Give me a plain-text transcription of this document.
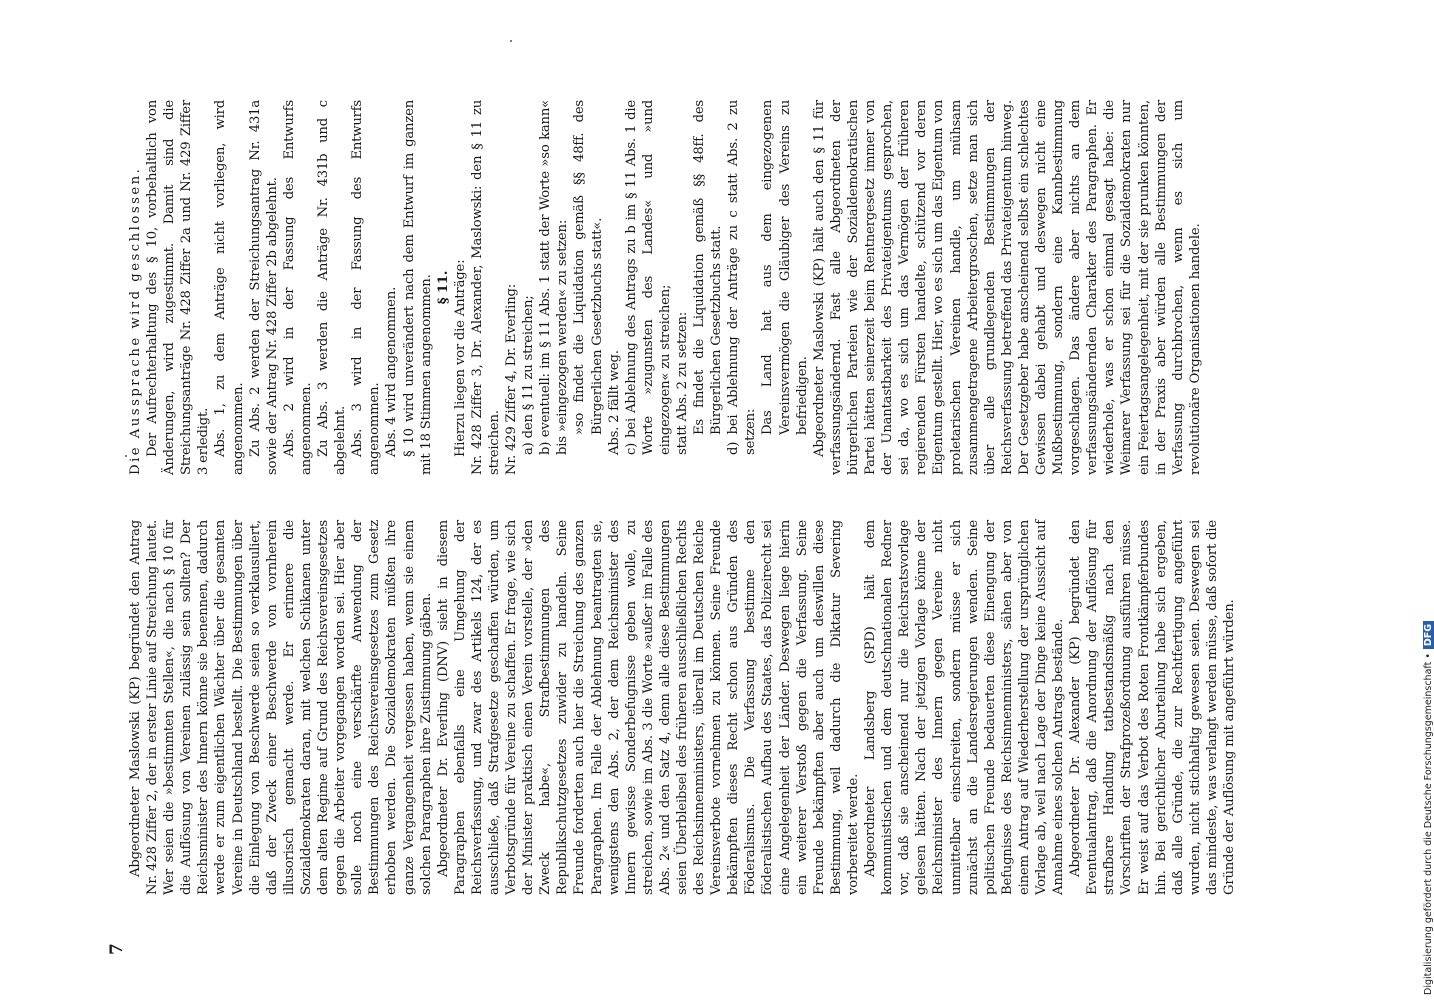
7

Abgeordneter Maslowski (KP) begründet den Antrag Nr. 428 Ziffer 2, der in erster Linie auf Streichung lautet. Wer seien die »bestimmten Stellen«, die nach § 10 für die Auflösung von Vereinen zulässig sein sollten? Der Reichsminister des Innern könne sie benennen, dadurch werde er zum eigentlichen Wächter über die gesamten Vereine in Deutschland bestellt. Die Bestimmungen über die Einlegung von Beschwerde seien so verklausuliert, daß der Zweck einer Beschwerde von vornherein illusorisch gemacht werde. Er erinnere die Sozialdemokraten daran, mit welchen Schikanen unter dem alten Regime auf Grund des Reichsvereinsgesetzes gegen die Arbeiter vorgegangen worden sei. Hier aber solle noch eine verschärfte Anwendung der Bestimmungen des Reichsvereinsgesetzes zum Gesetz erhoben werden. Die Sozialdemokraten müßten ihre ganze Vergangenheit vergessen haben, wenn sie einem solchen Paragraphen ihre Zustimmung gäben. Abgeordneter Dr. Everling (DNV) sieht in diesem Paragraphen ebenfalls eine Umgehung der Reichsverfassung, und zwar des Artikels 124, der es ausschließe, daß Strafgesetze geschaffen würden, um Verbotsgründe für Vereine zu schaffen. Er frage, wie sich der Minister praktisch einen Verein vorstelle, der »den Zweck habe«, Strafbestimmungen des Republikschutzgesetzes zuwider zu handeln. Seine Freunde forderten auch hier die Streichung des ganzen Paragraphen. Im Falle der Ablehnung beantragten sie, wenigstens den Abs. 2, der dem Reichsminister des Innern gewisse Sonderbefugnisse geben wolle, zu streichen, sowie im Abs. 3 die Worte »außer im Falle des Abs. 2« und den Satz 4, denn alle diese Bestimmungen seien Überbleibsel des früheren ausschließlichen Rechts des Reichsinnenministers, überall im Deutschen Reiche Vereinsverbote vornehmen zu können. Seine Freunde bekämpften dieses Recht schon aus Gründen des Föderalismus. Die Verfassung bestimme den föderalistischen Aufbau des Staates, das Polizeirecht sei eine Angelegenheit der Länder. Deswegen liege hierin ein weiterer Verstoß gegen die Verfassung. Seine Freunde bekämpften aber auch um deswillen diese Bestimmung, weil dadurch die Diktatur Severing vorbereitet werde. Abgeordneter Landsberg (SPD) hält dem kommunistischen und dem deutschnationalen Redner vor, daß sie anscheinend nur die Reichsratsvorlage gelesen hätten. Nach der jetzigen Vorlage könne der Reichsminister des Innern gegen Vereine nicht unmittelbar einschreiten, sondern müsse er sich zunächst an die Landesregierungen wenden. Seine politischen Freunde bedauerten diese Einengung der Befugnisse des Reichsinnenministers, sähen aber von einem Antrag auf Wiederherstellung der ursprünglichen Vorlage ab, weil nach Lage der Dinge keine Aussicht auf Annahme eines solchen Antrags bestände. Abgeordneter Dr. Alexander (KP) begründet den Eventualantrag, daß die Anordnung der Auflösung für strafbare Handlung tatbestandsmäßig nach den Vorschriften der Strafprozeßordnung ausführen müsse. Er weist auf das Verbot des Roten Frontkämpferbundes hin. Bei gerichtlicher Aburteilung habe sich ergeben, daß alle Gründe, die zur Rechtfertigung angeführt wurden, nicht stichhaltig gewesen seien. Deswegen sei das mindeste, was verlangt werden müsse, daß sofort die Gründe der Auflösung mit angeführt würden.

Die Aussprache wird geschlossen. Der Aufrechterhaltung des § 10, vorbehaltlich von Änderungen, wird zugestimmt. Damit sind die Streichungsanträge Nr. 428 Ziffer 2a und Nr. 429 Ziffer 3 erledigt. Abs. 1, zu dem Anträge nicht vorliegen, wird angenommen. Zu Abs. 2 werden der Streichungsantrag Nr. 431a sowie der Antrag Nr. 428 Ziffer 2b abgelehnt. Abs. 2 wird in der Fassung des Entwurfs angenommen. Zu Abs. 3 werden die Anträge Nr. 431b und c abgelehnt. Abs. 3 wird in der Fassung des Entwurfs angenommen. Abs. 4 wird angenommen. § 10 wird unverändert nach dem Entwurf im ganzen mit 18 Stimmen angenommen. § 11. Hierzu liegen vor die Anträge: Nr. 428 Ziffer 3, Dr. Alexander, Maslowski: den § 11 zu streichen. Nr. 429 Ziffer 4, Dr. Everling: a) den § 11 zu streichen; b) eventuell: im § 11 Abs. 1 statt der Worte »so kann« bis »eingezogen werden« zu setzen: »so findet die Liquidation gemäß §§ 48ff. des Bürgerlichen Gesetzbuchs statt«. Abs. 2 fällt weg. c) bei Ablehnung des Antrags zu b im § 11 Abs. 1 die Worte »zugunsten des Landes« und »und eingezogen« zu streichen; statt Abs. 2 zu setzen: Es findet die Liquidation gemäß §§ 48ff. des Bürgerlichen Gesetzbuchs statt. d) bei Ablehnung der Anträge zu c statt Abs. 2 zu setzen: Das Land hat aus dem eingezogenen Vereinsvermögen die Gläubiger des Vereins zu befriedigen. Abgeordneter Maslowski (KP) hält auch den § 11 für verfassungsändernd. Fast alle Abgeordneten der bürgerlichen Parteien wie der Sozialdemokratischen Partei hätten seinerzeit beim Rentnergesetz immer von der Unantastbarkeit des Privateigentums gesprochen, sei da, wo es sich um das Vermögen der früheren regierenden Fürsten handelte, schützend vor deren Eigentum gestellt. Hier, wo es sich um das Eigentum von proletarischen Vereinen handle, um mühsam zusammengetragene Arbeitergroschen, setze man sich über alle grundlegenden Bestimmungen der Reichsverfassung betreffend das Privateigentum hinweg. Der Gesetzgeber habe anscheinend selbst ein schlechtes Gewissen dabei gehabt und deswegen nicht eine Mußbestimmung, sondern eine Kannbestimmung vorgeschlagen. Das ändere aber nichts an dem verfassungsändernden Charakter des Paragraphen. Er wiederhole, was er schon einmal gesagt habe: die Weimarer Verfassung sei für die Sozialdemokraten nur ein Feiertagsangelegenheit, mit der sie prunken könnten, in der Praxis aber würden alle Bestimmungen der Verfassung durchbrochen, wenn es sich um revolutionäre Organisationen handele.

Digitalisierung gefördert durch die Deutsche Forschungsgemeinschaft •DFG
